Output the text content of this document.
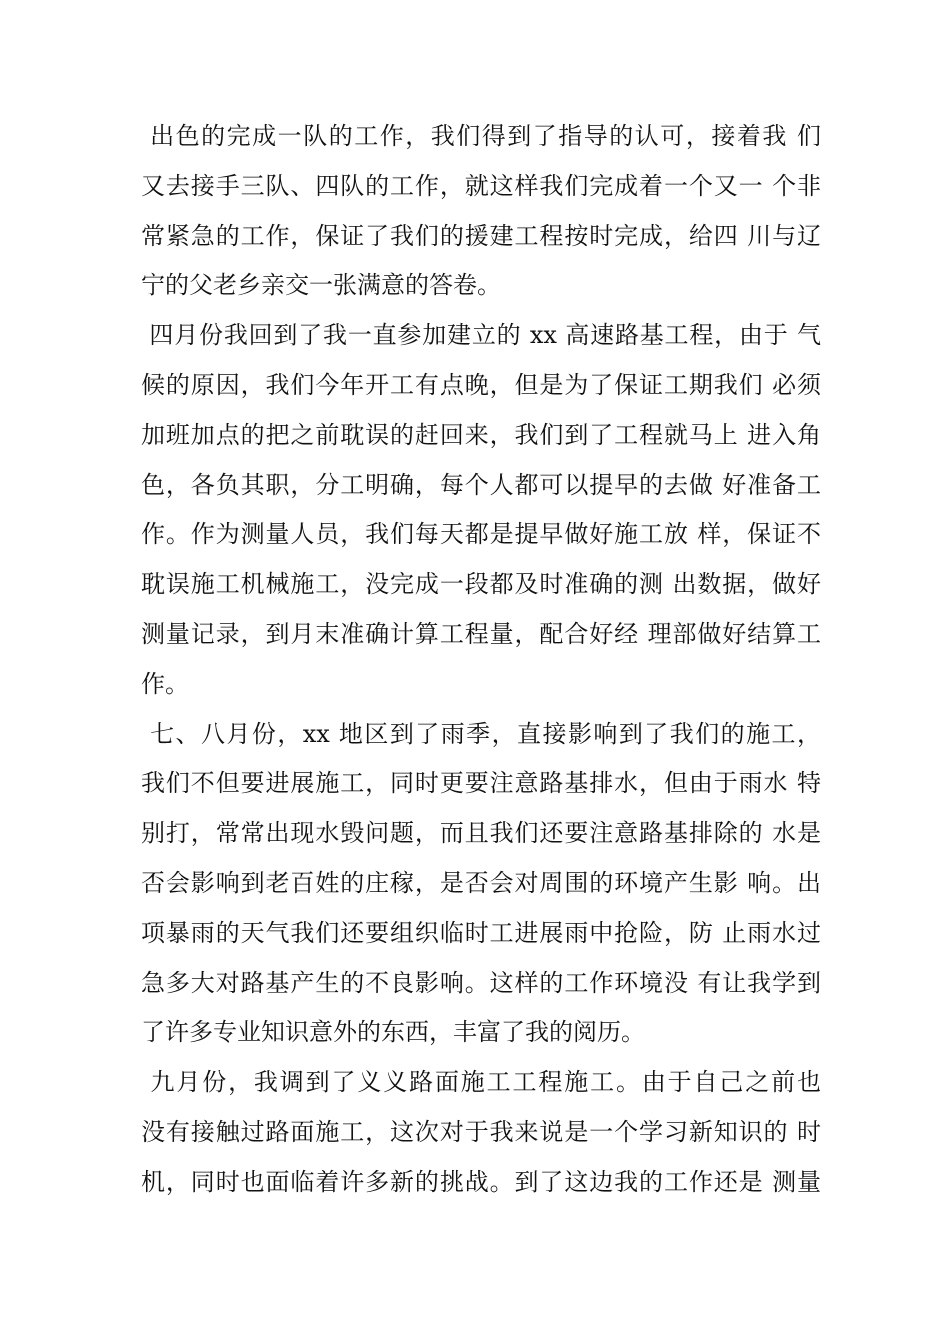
出色的完成一队的工作，我们得到了指导的认可，接着我 们
又去接手三队、四队的工作，就这样我们完成着一个又一 个非
常紧急的工作，保证了我们的援建工程按时完成，给四 川与辽
宁的父老乡亲交一张满意的答卷。
四月份我回到了我一直参加建立的 xx 高速路基工程，由于 气
候的原因，我们今年开工有点晚，但是为了保证工期我们 必须
加班加点的把之前耽误的赶回来，我们到了工程就马上 进入角
色，各负其职，分工明确，每个人都可以提早的去做 好准备工
作。作为测量人员，我们每天都是提早做好施工放 样，保证不
耽误施工机械施工，没完成一段都及时准确的测 出数据，做好
测量记录，到月末准确计算工程量，配合好经 理部做好结算工
作。
七、八月份，xx 地区到了雨季，直接影响到了我们的施工，
我们不但要进展施工，同时更要注意路基排水，但由于雨水 特
别打，常常出现水毁问题，而且我们还要注意路基排除的 水是
否会影响到老百姓的庄稼，是否会对周围的环境产生影 响。出
项暴雨的天气我们还要组织临时工进展雨中抢险，防 止雨水过
急多大对路基产生的不良影响。这样的工作环境没 有让我学到
了许多专业知识意外的东西，丰富了我的阅历。
九月份，我调到了义义路面施工工程施工。由于自己之前也
没有接触过路面施工，这次对于我来说是一个学习新知识的 时
机，同时也面临着许多新的挑战。到了这边我的工作还是 测量
